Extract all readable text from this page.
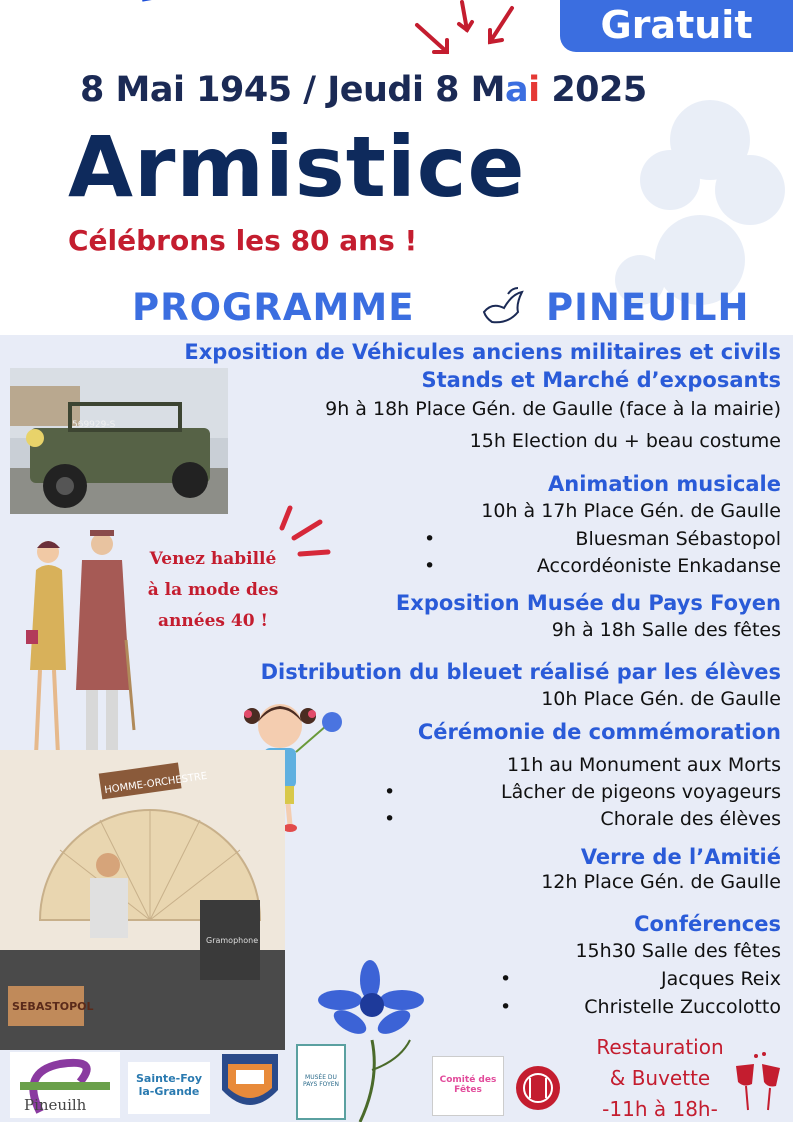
Gratuit
8 Mai 1945 / Jeudi 8 Mai 2025
Armistice
Célébrons les 80 ans !
PROGRAMME	PINEUILH
Exposition de Véhicules anciens militaires et civils
Stands et Marché d’exposants
9h à 18h Place Gén. de Gaulle (face à la mairie)
15h Election du + beau costume
Animation musicale
10h à 17h Place Gén. de Gaulle
•	Bluesman Sébastopol
•	Accordéoniste Enkadanse
Exposition Musée du Pays Foyen
9h à 18h Salle des fêtes
Distribution du bleuet réalisé par les élèves
10h Place Gén. de Gaulle
Cérémonie de commémoration
11h au Monument aux Morts
•	Lâcher de pigeons voyageurs
•	Chorale des élèves
Verre de l’Amitié
12h Place Gén. de Gaulle
Conférences
15h30 Salle des fêtes
•	Jacques Reix
•	Christelle Zuccolotto
569929-S
Venez habillé
à la mode des
années 40 !
HOMME-ORCHESTRE
SEBASTOPOL
Gramophone
Pineuilh
Sainte-Foy
la-Grande
MUSÉE DU PAYS FOYEN	Comité des Fêtes
Restauration
& Buvette
-11h à 18h-
